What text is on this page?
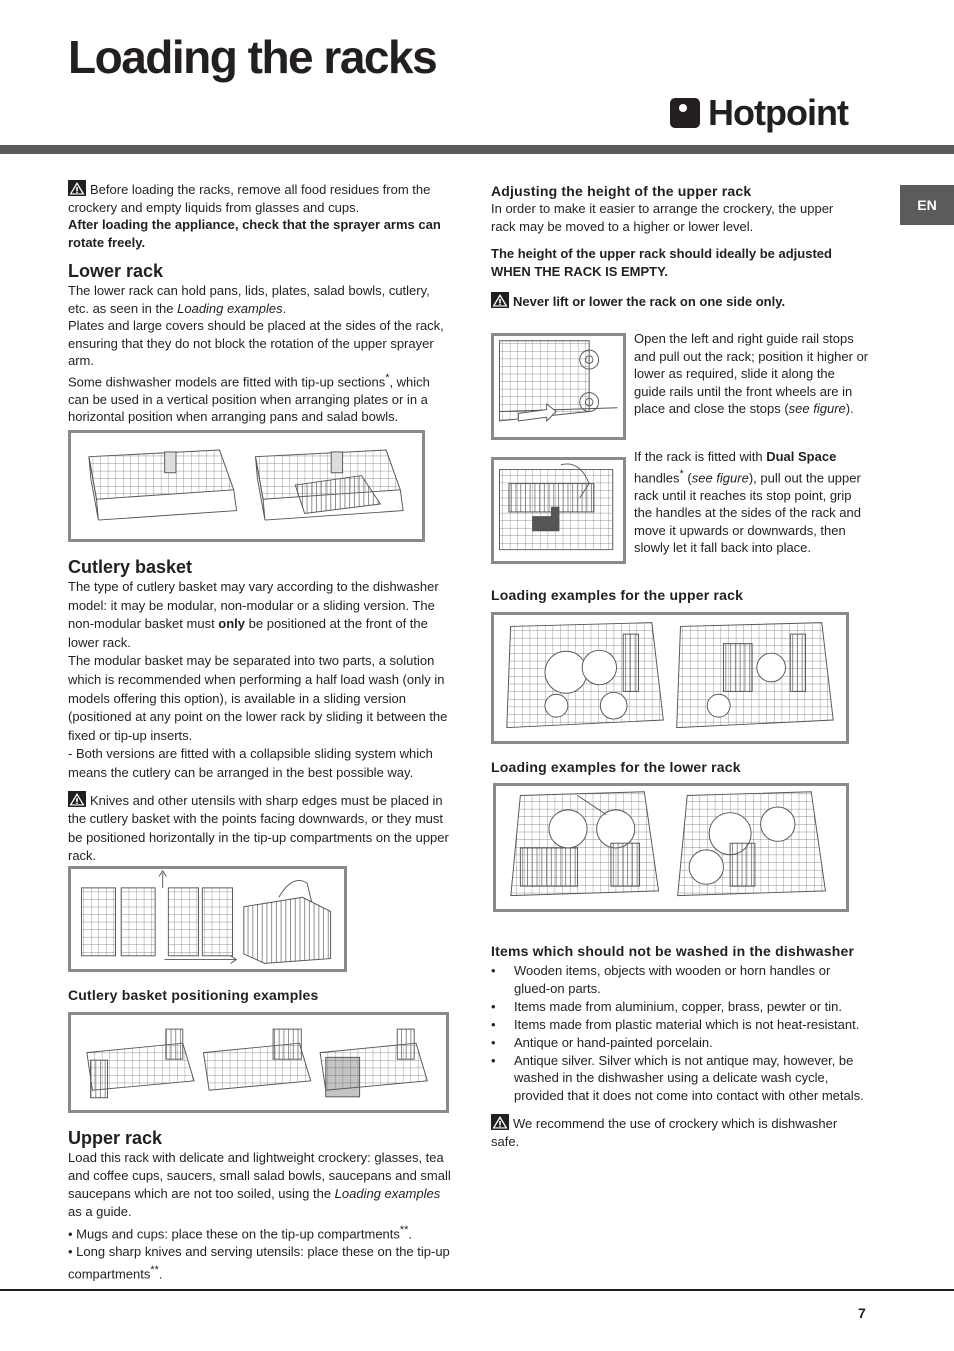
Loading the racks
Hotpoint
EN

Before loading the racks, remove all food residues from the crockery and empty liquids from glasses and cups.

After loading the appliance, check that the sprayer arms can rotate freely.

Lower rack

The lower rack can hold pans, lids, plates, salad bowls, cutlery, etc. as seen in the Loading examples.

Plates and large covers should be placed at the sides of the rack, ensuring that they do not block the rotation of the upper sprayer arm.

Some dishwasher models are fitted with tip-up sections*, which can be used in a vertical position when arranging plates or in a horizontal position when arranging pans and salad bowls.

Cutlery basket

The type of cutlery basket may vary according to the dishwasher model: it may be modular, non-modular or a sliding version. The non-modular basket must only be positioned at the front of the lower rack.

The modular basket may be separated into two parts, a solution which is recommended when performing a half load wash (only in models offering this option), is available in a sliding version (positioned at any point on the lower rack by sliding it between the fixed or tip-up inserts.

- Both versions are fitted with a collapsible sliding system which means the cutlery can be arranged in the best possible way.

Knives and other utensils with sharp edges must be placed in the cutlery basket with the points facing downwards, or they must be positioned horizontally in the tip-up compartments on the upper rack.

Cutlery basket positioning examples

Upper rack

Load this rack with delicate and lightweight crockery: glasses, tea and coffee cups, saucers, small salad bowls, saucepans and small saucepans which are not too soiled, using the Loading examples as a guide.

• Mugs and cups: place these on the tip-up compartments**.

• Long sharp knives and serving utensils: place these on the tip-up compartments**.

Adjusting the height of the upper rack

In order to make it easier to arrange the crockery, the upper rack may be moved to a higher or lower level.

The height of the upper rack should ideally be adjusted WHEN THE RACK IS EMPTY.

Never lift or lower the rack on one side only.

Open the left and right guide rail stops and pull out the rack; position it higher or lower as required, slide it along the guide rails until the front wheels are in place and close the stops (see figure).

If the rack is fitted with Dual Space handles* (see figure), pull out the upper rack until it reaches its stop point, grip the handles at the sides of the rack and move it upwards or downwards, then slowly let it fall back into place.

Loading examples for the upper rack

Loading examples for the lower rack

Items which should not be washed in the dishwasher

• Wooden items, objects with wooden or horn handles or glued-on parts.
• Items made from aluminium, copper, brass, pewter or tin.
• Items made from plastic material which is not heat-resistant.
• Antique or hand-painted porcelain.
• Antique silver. Silver which is not antique may, however, be washed in the dishwasher using a delicate wash cycle, provided that it does not come into contact with other metals.

We recommend the use of crockery which is dishwasher safe.

7
